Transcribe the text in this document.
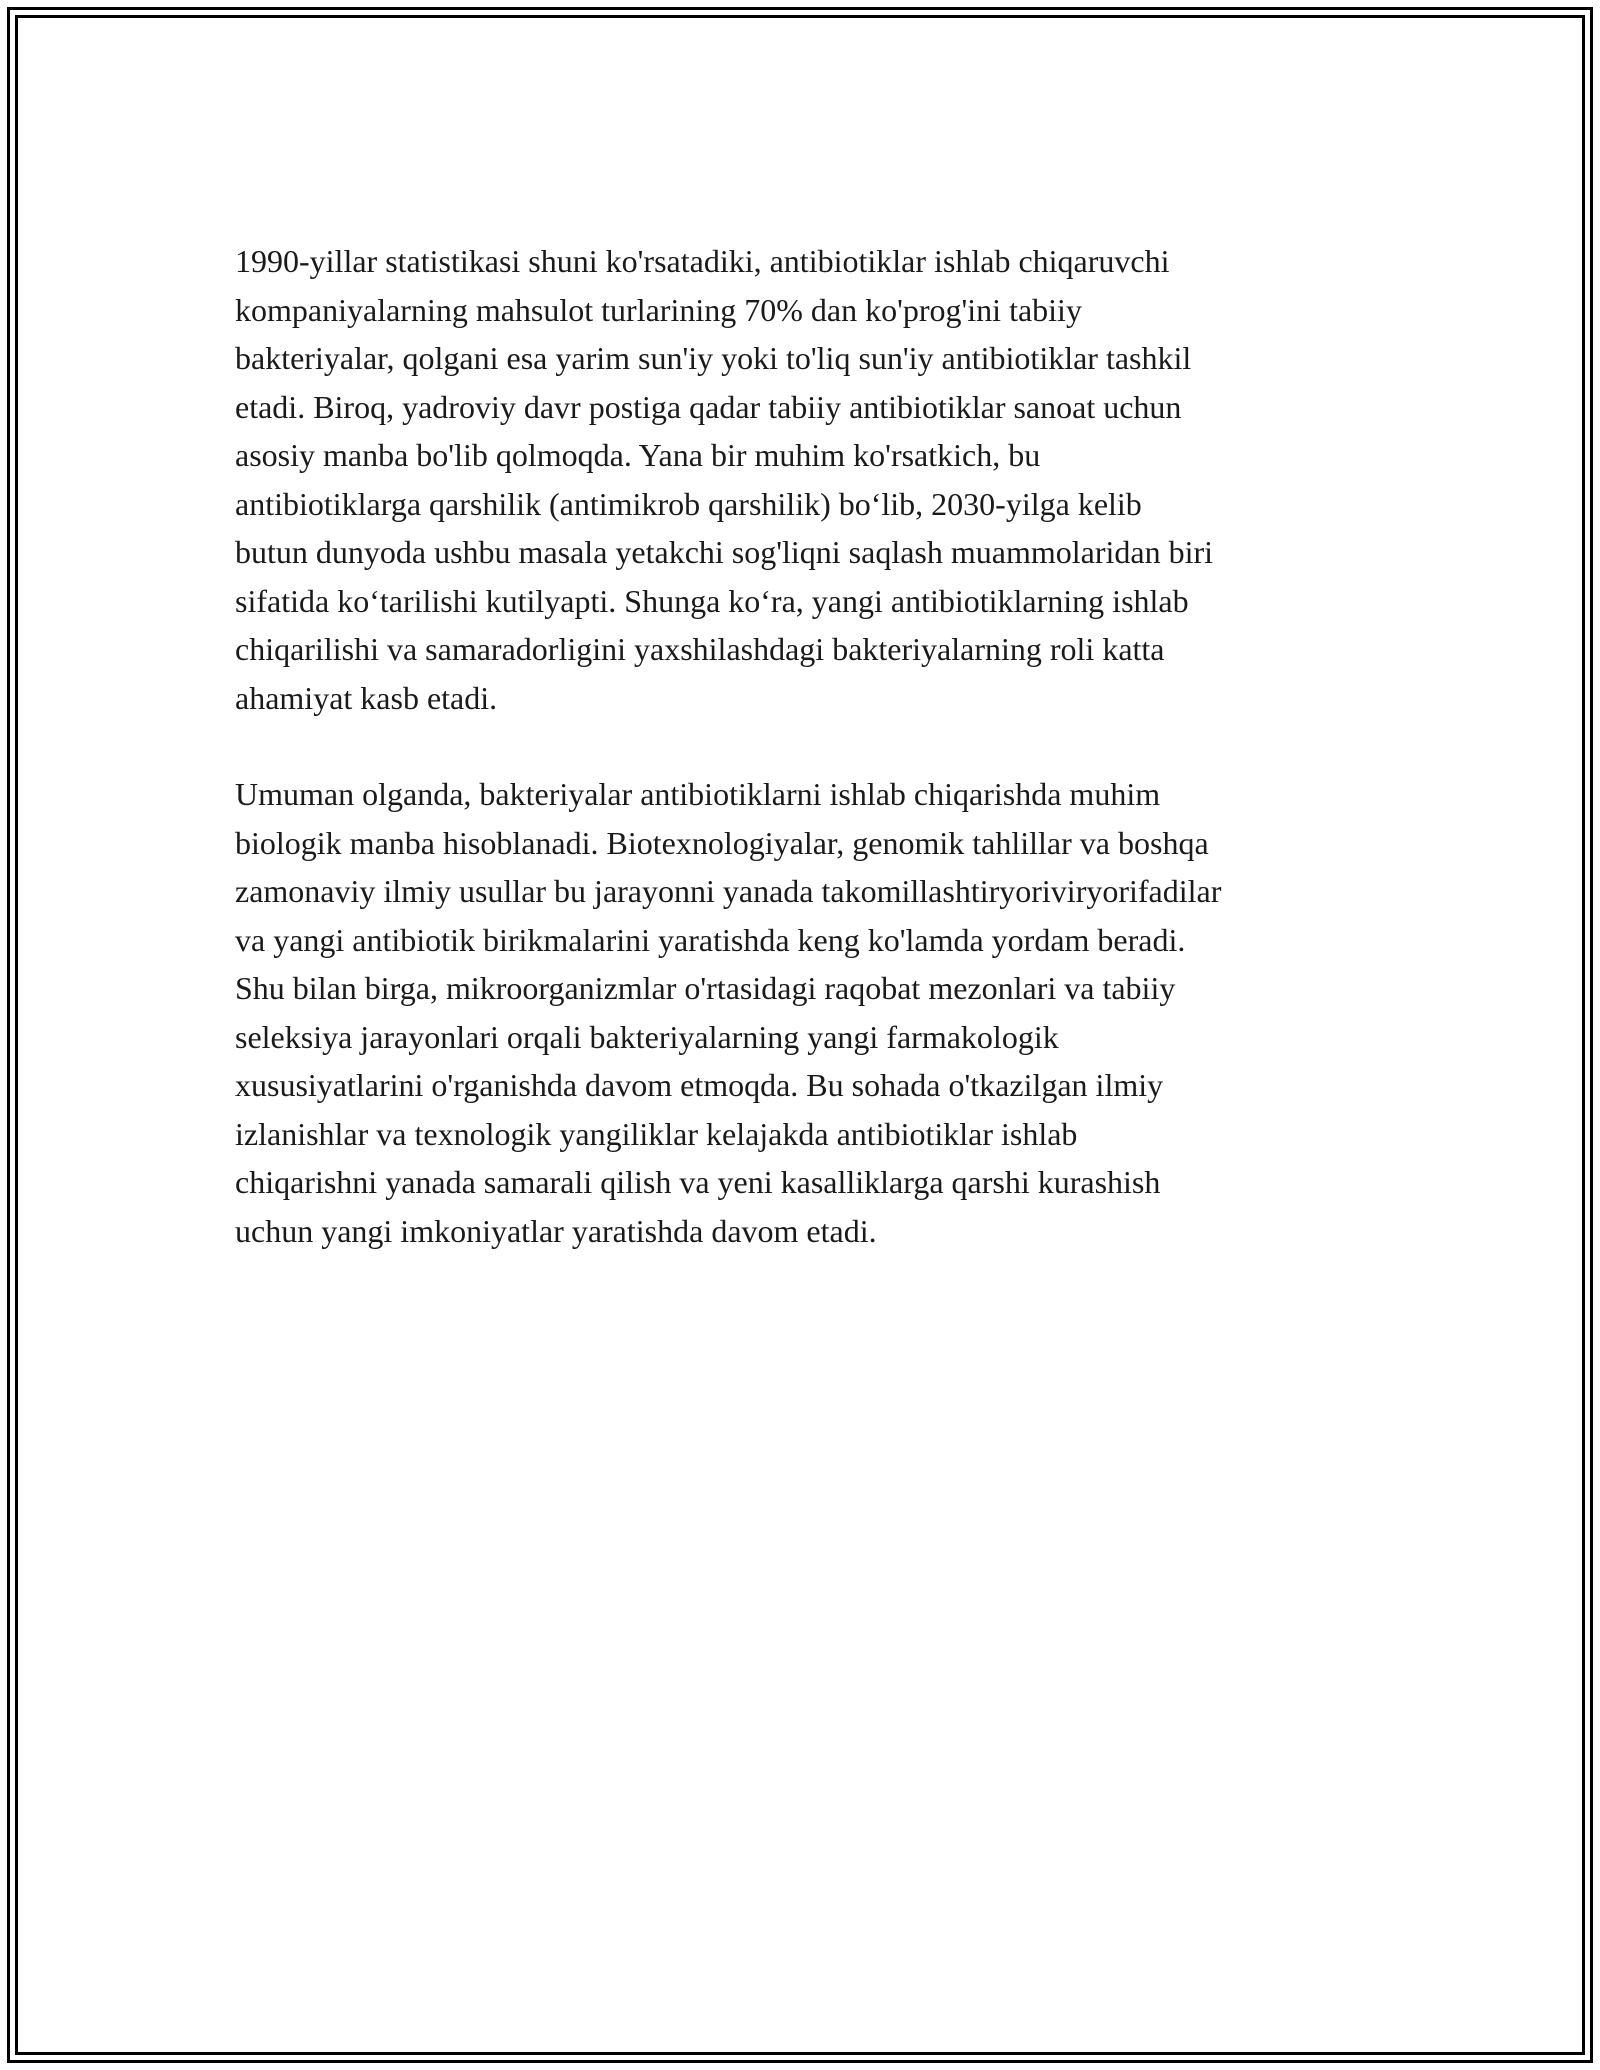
1990-yillar statistikasi shuni ko'rsatadiki, antibiotiklar ishlab chiqaruvchi
kompaniyalarning mahsulot turlarining 70% dan ko'prog'ini tabiiy
bakteriyalar, qolgani esa yarim sun'iy yoki to'liq sun'iy antibiotiklar tashkil
etadi. Biroq, yadroviy davr postiga qadar tabiiy antibiotiklar sanoat uchun
asosiy manba bo'lib qolmoqda. Yana bir muhim ko'rsatkich, bu
antibiotiklarga qarshilik (antimikrob qarshilik) bo‘lib, 2030-yilga kelib
butun dunyoda ushbu masala yetakchi sog'liqni saqlash muammolaridan biri
sifatida ko‘tarilishi kutilyapti. Shunga ko‘ra, yangi antibiotiklarning ishlab
chiqarilishi va samaradorligini yaxshilashdagi bakteriyalarning roli katta
ahamiyat kasb etadi.

Umuman olganda, bakteriyalar antibiotiklarni ishlab chiqarishda muhim
biologik manba hisoblanadi. Biotexnologiyalar, genomik tahlillar va boshqa
zamonaviy ilmiy usullar bu jarayonni yanada takomillashtiryoriviryorifadilar
va yangi antibiotik birikmalarini yaratishda keng ko'lamda yordam beradi.
Shu bilan birga, mikroorganizmlar o'rtasidagi raqobat mezonlari va tabiiy
seleksiya jarayonlari orqali bakteriyalarning yangi farmakologik
xususiyatlarini o'rganishda davom etmoqda. Bu sohada o'tkazilgan ilmiy
izlanishlar va texnologik yangiliklar kelajakda antibiotiklar ishlab
chiqarishni yanada samarali qilish va yeni kasalliklarga qarshi kurashish
uchun yangi imkoniyatlar yaratishda davom etadi.
